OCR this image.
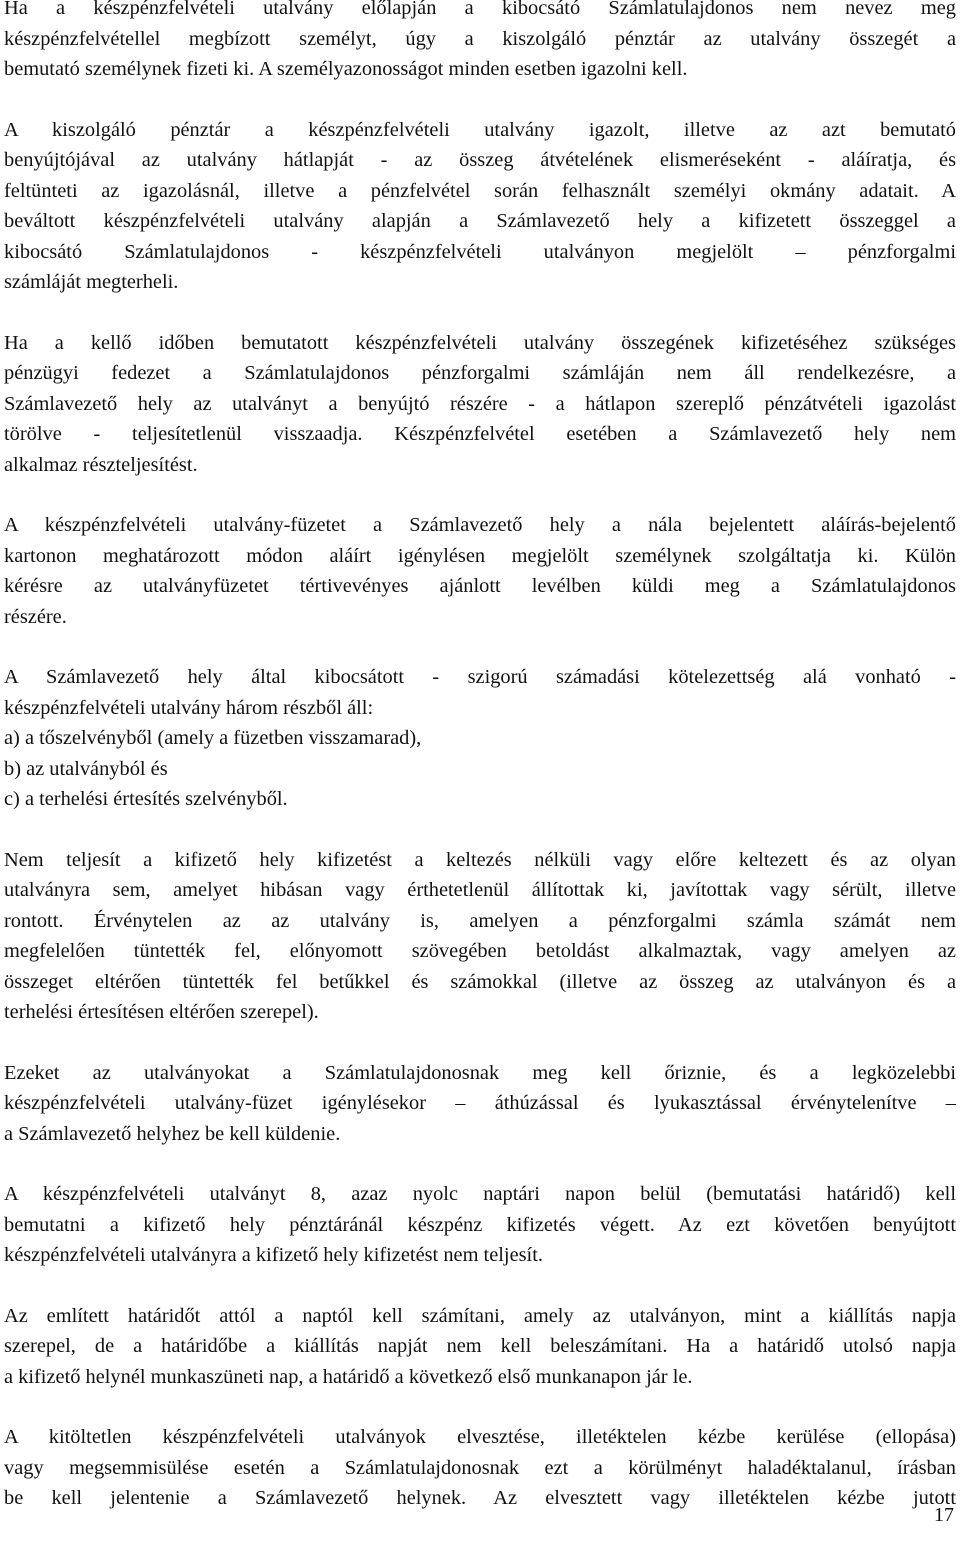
Ha a készpénzfelvételi utalvány előlapján a kibocsátó Számlatulajdonos nem nevez meg
készpénzfelvétellel megbízott személyt, úgy a kiszolgáló pénztár az utalvány összegét a
bemutató személynek fizeti ki. A személyazonosságot minden esetben igazolni kell.
A kiszolgáló pénztár a készpénzfelvételi utalvány igazolt, illetve az azt bemutató
benyújtójával az utalvány hátlapját - az összeg átvételének elismeréseként - aláíratja, és
feltünteti az igazolásnál, illetve a pénzfelvétel során felhasznált személyi okmány adatait. A
beváltott készpénzfelvételi utalvány alapján a Számlavezető hely a kifizetett összeggel a
kibocsátó Számlatulajdonos - készpénzfelvételi utalványon megjelölt – pénzforgalmi
számláját megterheli.
Ha a kellő időben bemutatott készpénzfelvételi utalvány összegének kifizetéséhez szükséges
pénzügyi fedezet a Számlatulajdonos pénzforgalmi számláján nem áll rendelkezésre, a
Számlavezető hely az utalványt a benyújtó részére - a hátlapon szereplő pénzátvételi igazolást
törölve - teljesítetlenül visszaadja. Készpénzfelvétel esetében a Számlavezető hely nem
alkalmaz részteljesítést.
A készpénzfelvételi utalvány-füzetet a Számlavezető hely a nála bejelentett aláírás-bejelentő
kartonon meghatározott módon aláírt igénylésen megjelölt személynek szolgáltatja ki. Külön
kérésre az utalványfüzetet tértivevényes ajánlott levélben küldi meg a Számlatulajdonos
részére.
A Számlavezető hely által kibocsátott - szigorú számadási kötelezettség alá vonható -
készpénzfelvételi utalvány három részből áll:
a) a tőszelvényből (amely a füzetben visszamarad),
b) az utalványból és
c) a terhelési értesítés szelvényből.
Nem teljesít a kifizető hely kifizetést a keltezés nélküli vagy előre keltezett és az olyan
utalványra sem, amelyet hibásan vagy érthetetlenül állítottak ki, javítottak vagy sérült, illetve
rontott. Érvénytelen az az utalvány is, amelyen a pénzforgalmi számla számát nem
megfelelően tüntették fel, előnyomott szövegében betoldást alkalmaztak, vagy amelyen az
összeget eltérően tüntették fel betűkkel és számokkal (illetve az összeg az utalványon és a
terhelési értesítésen eltérően szerepel).
Ezeket az utalványokat a Számlatulajdonosnak meg kell őriznie, és a legközelebbi
készpénzfelvételi utalvány-füzet igénylésekor – áthúzással és lyukasztással érvénytelenítve –
a Számlavezető helyhez be kell küldenie.
A készpénzfelvételi utalványt 8, azaz nyolc naptári napon belül (bemutatási határidő) kell
bemutatni a kifizető hely pénztáránál készpénz kifizetés végett. Az ezt követően benyújtott
készpénzfelvételi utalványra a kifizető hely kifizetést nem teljesít.
Az említett határidőt attól a naptól kell számítani, amely az utalványon, mint a kiállítás napja
szerepel, de a határidőbe a kiállítás napját nem kell beleszámítani. Ha a határidő utolsó napja
a kifizető helynél munkaszüneti nap, a határidő a következő első munkanapon jár le.
A kitöltetlen készpénzfelvételi utalványok elvesztése, illetéktelen kézbe kerülése (ellopása)
vagy megsemmisülése esetén a Számlatulajdonosnak ezt a körülményt haladéktalanul, írásban
be kell jelentenie a Számlavezető helynek. Az elvesztett vagy illetéktelen kézbe jutott
17
